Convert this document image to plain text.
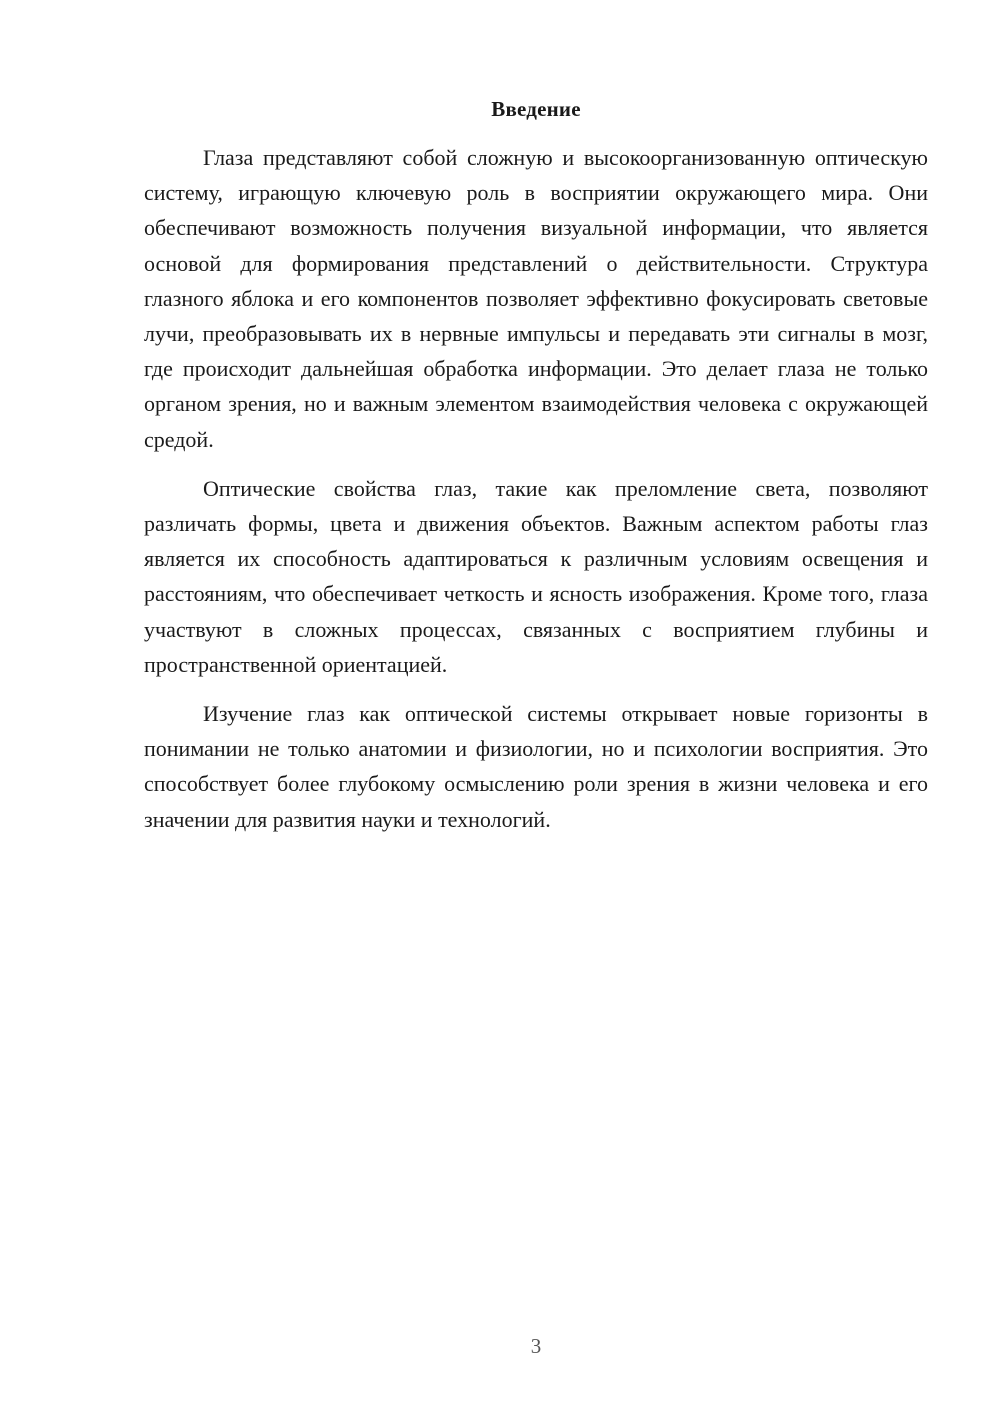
Введение

Глаза представляют собой сложную и высокоорганизованную оптическую систему, играющую ключевую роль в восприятии окружающего мира. Они обеспечивают возможность получения визуальной информации, что является основой для формирования представлений о действительности. Структура глазного яблока и его компонентов позволяет эффективно фокусировать световые лучи, преобразовывать их в нервные импульсы и передавать эти сигналы в мозг, где происходит дальнейшая обработка информации. Это делает глаза не только органом зрения, но и важным элементом взаимодействия человека с окружающей средой.

Оптические свойства глаз, такие как преломление света, позволяют различать формы, цвета и движения объектов. Важным аспектом работы глаз является их способность адаптироваться к различным условиям освещения и расстояниям, что обеспечивает четкость и ясность изображения. Кроме того, глаза участвуют в сложных процессах, связанных с восприятием глубины и пространственной ориентацией.

Изучение глаз как оптической системы открывает новые горизонты в понимании не только анатомии и физиологии, но и психологии восприятия. Это способствует более глубокому осмыслению роли зрения в жизни человека и его значении для развития науки и технологий.

3
